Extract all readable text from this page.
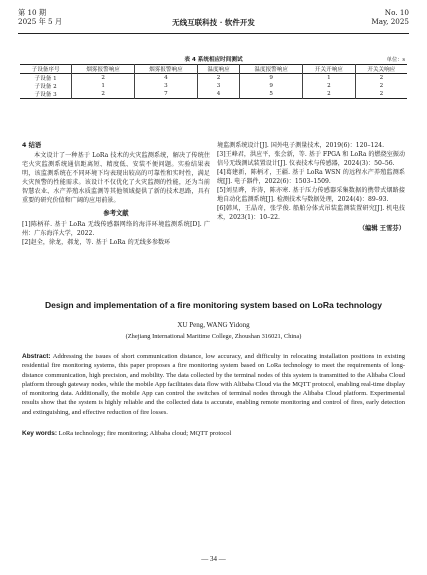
第 10 期
2025 年 5 月	无线互联科技 · 软件开发
No. 10
May, 2025
表 4 系统相应时间测试	单位：s
子设备序号	烟雾报警响应	烟雾报警响应	温度响应	温度报警响应	开关开响应	开关关响应
子设备 1	2	4	2	9	1	2
子设备 2	1	3	3	9	2	2
子设备 3	2	7	4	5	2	2
4 结语

本文设计了一种基于 LoRa 技术的火灾监测系统，解决了传统住宅火灾监测系统通信距离短、精度低、安装不便问题。实验结果表明，该监测系统在不同环境下均表现出较高的可靠性和实时性，满足火灾预警的性能需求。该设计不仅优化了火灾监测的性能，还为当前智慧农业、水产养殖水质监测等其他领域提供了新的技术思路，具有重要的研究价值和广阔的应用前景。

参考文献

[1]陈柄祥. 基于 LoRa 无线传感器网络的海洋环境监测系统[D]. 广州：广东海洋大学，2022.

[2]赵全，徐龙，郝龙，等. 基于 LoRa 的无线多参数环

境监测系统设计[J]. 国外电子测量技术，2019(6)：120–124.

[3]王峰君，洪应平，张会新，等. 基于 FPGA 和 LoRa 的燃烧室振动信号无线测试装置设计[J]. 仪表技术与传感器，2024(3)：50–56.

[4]葛建新，陈柄才，王疆. 基于 LoRa WSN 的远程水产养殖监测系统[J]. 电子器件，2022(6)：1503–1509.

[5]刘星晔，许涛，陈亦寒. 基于压力传感器采集数据的携带式烟路接地自动化监测系统[J]. 检测技术与数据处理，2024(4)：89–93.

[6]韩风，王晶奇，张学俊. 船舶分体式吊装监测装置研究[J]. 机电技术，2023(1)：10–22.

（编辑 王雪芬）
Design and implementation of a fire monitoring system based on LoRa technology
XU Peng, WANG Yidong
(Zhejiang International Maritime College, Zhoushan 316021, China)
Abstract: Addressing the issues of short communication distance, low accuracy, and difficulty in relocating installation positions in existing residential fire monitoring systems, this paper proposes a fire monitoring system based on LoRa technology to meet the requirements of long-distance communication, high precision, and mobility. The data collected by the terminal nodes of this system is transmitted to the Alibaba Cloud platform through gateway nodes, while the mobile App facilitates data flow with Alibaba Cloud via the MQTT protocol, enabling real-time display of monitoring data. Additionally, the mobile App can control the switches of terminal nodes through the Alibaba Cloud platform. Experimental results show that the system is highly reliable and the collected data is accurate, enabling remote monitoring and control of fires, early detection and extinguishing, and effective reduction of fire losses.
Key words: LoRa technology; fire monitoring; Alibaba cloud; MQTT protocol
— 34 —
